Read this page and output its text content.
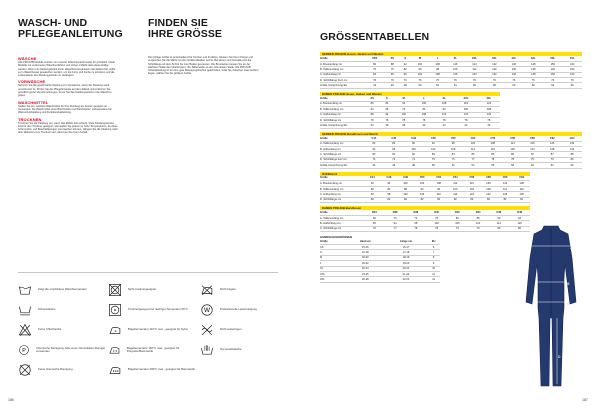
WASCH- UND
PFLEGEANLEITUNG
WÄSCHE
Alle PROJOB Modelle wurden von unserer Waschexpertin/-leiter für gründlich, beide Modelle mit verfeinerten Waschverfahren und sicher entfärbt dass diese kräftig werden. Wenn ein Kleidungsstück einen Waschbeutel-Hinweis oder Etikett hat, sollte es in Waschbeutel gewaschen werden, um die Form und Farbe zu schützen und die Lebensdauer des Kleidungsstücks zu verlängern.
VORWÄSCHE
Nehmen Sie die gewöhnliche Kleidung zur Vorwäsche, wenn die Kleidung stark verschmutzt ist. Prüfen Sie die Pflegehinweise auf dem Etikett und entfernen Sie gründlich grobe Verschmutzungen, bevor Sie das Kleidungsstück in die Maschine geben.
WASCHMITTEL
Stellen Sie ein, welches Waschmittel für Ihre Kleidung am besten geeignet ist. Verwenden Sie Waschmittel ohne Bleichmittel und Weichspüler, insbesondere bei Warnschutzkleidung und Funktionsbekleidung.
TROCKNEN
Trocknen Sie die Kleidung nur, wenn das Etikett dies erlaubt. Viele Kleidungsstücke sind für den Trockner geeignet. Vermeiden Sie jedoch zu hohe Temperaturen, da diese Schrumpfen und Beschädigungen verursachen können. Hängen Sie die Kleidung nach dem Waschen zum Trocknen auf, damit sie ihre Form behält.
FINDEN SIE
IHRE GRÖSSE
Die richtige Größe ist entscheidend für Komfort und Funktion. Messen Sie Ihren Körper und vergleichen Sie die Maße mit den Größentabellen rechts. Bei Hosen und Overalls wird die Schrittlänge ab dem Schritt bis zum Boden gemessen. Die Brustweite messen Sie an der stärksten Stelle des Oberkörpers, die Taillenweite an der schmalsten Stelle. Die PROJOB Arbeitskleidung ist für eine gute Bewegungsfreiheit geschnitten. Falls Sie zwischen zwei Größen liegen, wählen Sie die größere Größe.
Zeigt die empfohlene Waschtemperatur
Schonwäsche
Keine Chlorbleiche
P
Chemische Reinigung, bitte einen Chemikalien-Reiniger verwenden
Keine chemische Reinigung
Nicht trocknergeeignet
Trocknergeeignet bei niedriger Temperatur 60°C
Bügeltemperatur 110°C max., geeignet für Nylon
Bügeltemperatur 150°C max., geeignet für Polyester/Baumwolle
Bügeltemperatur 200°C max., geeignet für Baumwolle
Nicht bügeln
W	Professionelle Leiterreinigung
Nicht auswringen
Nur Handwäsche
186
GRÖSSENTABELLEN
HERREN PROJOB Hosen, Jacken und Westen
Größe	XXS	XS	S	M	L	XL	XXL	3XL	4XL	5XL	6XL	7XL
A. Brustumfang cm	80	88	92	100	108	116	124	132	140	148	156	164
B. Taillenumfang cm	70	76	82	90	98	106	114	122	130	138	146	154
C. Hüftumfang cm	84	90	96	102	108	116	124	132	140	148	156	164
D. Schrittlänge Kurz cm	76	76	76	76	76	76	76	76	76	76	76	76
Größe Umrechnung EU	44	46	48	50	52	54	56	58	60	62	64	66
DAMEN PROJOB Hosen, Jacken und Westen
Größe	XS	S	M	L	XL	XXL	3XL
A. Brustumfang cm	80	84	92	100	108	116	124
B. Taillenumfang cm	64	68	76	84	92	100	108
C. Hüftumfang cm	88	92	100	108	116	124	132
D. Schrittlänge cm	78	78	78	78	78	78	78
Größe Umrechnung EU	34	36	38	40	42	44	46
HERREN PROJOB Bundhosen und Shorts
Größe	C44	C46	C48	C50	C52	C54	C56	C58	C60	C62	C64
A. Taillenumfang cm	82	86	90	94	98	102	108	114	120	126	132
B. Hüftumfang cm	92	96	100	104	108	112	116	120	124	128	132
C. Schrittlänge cm	80	81	82	83	84	85	86	86	87	87	88
D. Schrittlänge kurz cm	72	73	74	75	76	77	78	78	79	79	80
Größe Umrechnung EU	44	46	48	50	52	54	56	58	60	62	64
OVERALLS
Größe	C44	C46	C48	C50	C52	C54	C56	C58	C60	C62
A. Brustumfang cm	92	96	100	104	108	112	116	120	124	128
B. Taillenumfang cm	80	84	88	92	96	100	104	108	112	116
C. Hüftumfang cm	94	98	102	106	110	114	118	122	126	130
D. Schrittlänge cm	82	82	82	82	82	82	82	82	82	82
DAMEN PROJOB Bundhosen
Größe	D34	D36	D38	D40	D42	D44	D46	D48
A. Taillenumfang cm	66	70	74	78	82	86	90	94
B. Hüftumfang cm	90	94	98	102	106	110	114	118
C. Schrittlänge cm	76	77	78	78	79	79	80	80
HANDSCHUHGRÖSSEN
Größe	Hand cm	Länge cm	EU
XS	15-16	16-17	6
S	16-18	17-18	7
M	18-20	18-19	8
L	20-22	19-20	9
XL	22-24	20-21	10
XXL	24-26	21-22	11
3XL	26-28	22-23	12
A
B
C
D
187
